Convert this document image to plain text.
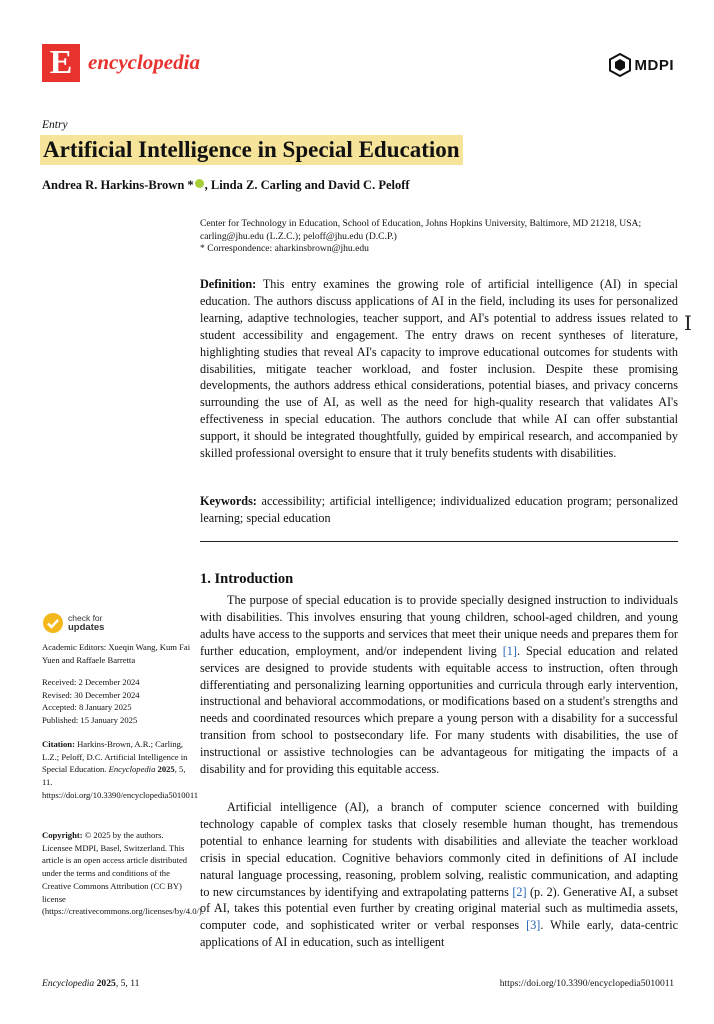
E encyclopedia	MDPI
Entry
Artificial Intelligence in Special Education
Andrea R. Harkins-Brown * , Linda Z. Carling and David C. Peloff
Center for Technology in Education, School of Education, Johns Hopkins University, Baltimore, MD 21218, USA; carling@jhu.edu (L.Z.C.); peloff@jhu.edu (D.C.P.)
* Correspondence: aharkinsbrown@jhu.edu
Definition: This entry examines the growing role of artificial intelligence (AI) in special education. The authors discuss applications of AI in the field, including its uses for personalized learning, adaptive technologies, teacher support, and AI's potential to address issues related to student accessibility and engagement. The entry draws on recent syntheses of literature, highlighting studies that reveal AI's capacity to improve educational outcomes for students with disabilities, mitigate teacher workload, and foster inclusion. Despite these promising developments, the authors address ethical considerations, potential biases, and privacy concerns surrounding the use of AI, as well as the need for high-quality research that validates AI's effectiveness in special education. The authors conclude that while AI can offer substantial support, it should be integrated thoughtfully, guided by empirical research, and accompanied by skilled professional oversight to ensure that it truly benefits students with disabilities.
I
Keywords: accessibility; artificial intelligence; individualized education program; personalized learning; special education
1. Introduction
The purpose of special education is to provide specially designed instruction to individuals with disabilities. This involves ensuring that young children, school-aged children, and young adults have access to the supports and services that meet their unique needs and prepares them for further education, employment, and/or independent living [1]. Special education and related services are designed to provide students with equitable access to instruction, often through differentiating and personalizing learning opportunities and curricula through early intervention, instructional and behavioral accommodations, or modifications based on a student's strengths and needs and coordinated resources which prepare a young person with a disability for a successful transition from school to postsecondary life. For many students with disabilities, the use of instructional or assistive technologies can be advantageous for mitigating the impacts of a disability and for providing this equitable access.
Artificial intelligence (AI), a branch of computer science concerned with building technology capable of complex tasks that closely resemble human thought, has tremendous potential to enhance learning for students with disabilities and alleviate the teacher workload crisis in special education. Cognitive behaviors commonly cited in definitions of AI include natural language processing, reasoning, problem solving, realistic communication, and adapting to new circumstances by identifying and extrapolating patterns [2] (p. 2). Generative AI, a subset of AI, takes this potential even further by creating original material such as multimedia assets, computer code, and sophisticated writer or verbal responses [3]. While early, data-centric applications of AI in education, such as intelligent
check for
updates
Academic Editors: Xueqin Wang, Kum Fai Yuen and Raffaele Barretta

Received: 2 December 2024

Revised: 30 December 2024

Accepted: 8 January 2025

Published: 15 January 2025

Citation: Harkins-Brown, A.R.; Carling, L.Z.; Peloff, D.C. Artificial Intelligence in Special Education. Encyclopedia 2025, 5, 11. https://doi.org/10.3390/encyclopedia5010011
Copyright: © 2025 by the authors. Licensee MDPI, Basel, Switzerland. This article is an open access article distributed under the terms and conditions of the Creative Commons Attribution (CC BY) license (https://creativecommons.org/licenses/by/4.0/).
Encyclopedia 2025, 5, 11	https://doi.org/10.3390/encyclopedia5010011
